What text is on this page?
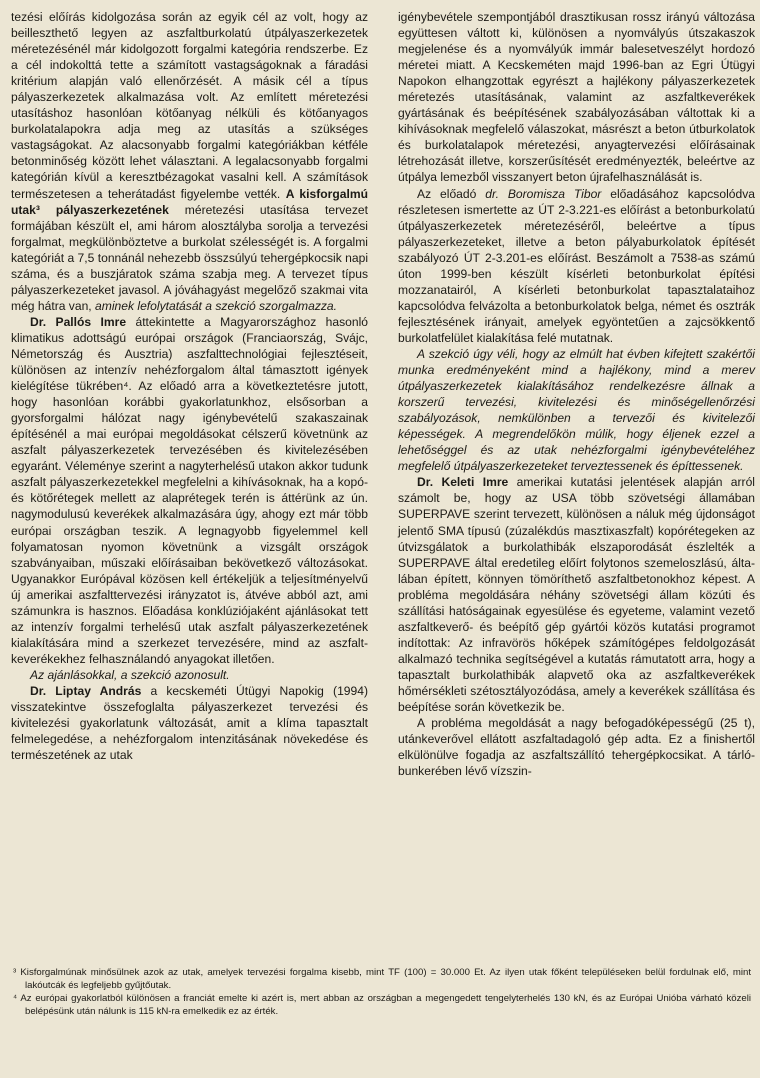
tezési előírás kidolgozása során az egyik cél az volt, hogy az beilleszthető legyen az aszfaltburkolatú útpályaszerkezetek méretezésénél már kidolgozott forgalmi kategória rendszerbe. Ez a cél indokolttá tette a számított vastagságoknak a fáradási kritérium alapján való ellenőrzését. A másik cél a típus pályaszerkezetek alkalmazása volt. Az említett méretezési utasításhoz hasonlóan kötőanyag nélküli és kötőanyagos burkolatalapokra adja meg az utasítás a szükséges vastagságokat. Az alacsonyabb forgalmi kategóriákban kétféle betonminőség között lehet választani. A legalacsonyabb forgalmi kategórián kívül a keresztbézagokat vasalni kell. A számítások természetesen a teherátadást figyelembe vették. A kisforgalmú utak³ pályaszerkezetének méretezési utasítása tervezet formájában készült el, ami három alosztályba sorolja a tervezési forgalmat, megkülönböztetve a burkolat szélességét is. A forgalmi kategóriát a 7,5 tonnánál nehezebb összsúlyú tehergépkocsik napi száma, és a buszjáratok száma szabja meg. A tervezet típus pályaszerkezeteket javasol. A jóváhagyást megelőző szakmai vita még hátra van, aminek lefolytatását a szekció szorgalmazza.

Dr. Pallós Imre áttekintette a Magyarországhoz hasonló klimatikus adottságú európai országok (Franciaország, Svájc, Németország és Ausztria) aszfalttechnológiai fejlesztéseit, különösen az intenzív nehézforgalom által támasztott igények kielégítése tükrében⁴. Az előadó arra a következtetésre jutott, hogy hasonlóan korábbi gyakorlatunkhoz, elsősorban a gyorsforgalmi hálózat nagy igénybevételű szakaszainak építésénél a mai európai megoldásokat célszerű követnünk az aszfalt pályaszerkezetek tervezésében és kivitelezésében egyaránt. Véleménye szerint a nagyterhelésű utakon akkor tudunk aszfalt pályaszerkezetekkel megfelelni a kihívásoknak, ha a kopó- és kötőrétegek mellett az alaprétegek terén is áttérünk az ún. nagymodulusú keverékek alkalmazására úgy, ahogy ezt már több európai országban teszik. A legnagyobb figyelemmel kell folyamatosan nyomon követnünk a vizsgált országok szabványaiban, műszaki előírásaiban bekövetkező változásokat. Ugyanakkor Európával közösen kell értékeljük a teljesítményelvű új amerikai aszfalttervezési irányzatot is, átvéve abból azt, ami számunkra is hasznos. Előadása konklúziójaként ajánlásokat tett az intenzív forgalmi terhelésű utak aszfalt pályaszerkezetének kialakítására mind a szerkezet tervezésére, mind az aszfalt-keverékekhez felhasználandó anyagokat illetően.

Az ajánlásokkal, a szekció azonosult.

Dr. Liptay András a kecskeméti Útügyi Napokig (1994) visszatekintve összefoglalta pályaszerkezet tervezési és kivitelezési gyakorlatunk változását, amit a klíma tapasztalt felmelegedése, a nehézforgalom intenzitásának növekedése és természetének az utak

igénybevétele szempontjából drasztikusan rossz irányú változása együttesen váltott ki, különösen a nyomvályús útszakaszok megjelenése és a nyomvályúk immár balesetveszélyt hordozó méretei miatt. A Kecskeméten majd 1996-ban az Egri Útügyi Napokon elhangzottak egyrészt a hajlékony pályaszerkezetek méretezés utasításának, valamint az aszfaltkeverékek gyártásának és beépítésének szabályozásában váltottak ki a kihívásoknak megfelelő válaszokat, másrészt a beton útburkolatok és burkolatalapok méretezési, anyagtervezési előírásainak létrehozását illetve, korszerűsítését eredményezték, beleértve az útpálya lemezből visszanyert beton újrafelhasználását is.

Az előadó dr. Boromisza Tibor előadásához kapcsolódva részletesen ismertette az ÚT 2-3.221-es előírást a betonburkolatú útpályaszerkezetek méretezéséről, beleértve a típus pályaszerkezeteket, illetve a beton pályaburkolatok építését szabályozó ÚT 2-3.201-es előírást. Beszámolt a 7538-as számú úton 1999-ben készült kísérleti betonburkolat építési mozzanatairól, A kísérleti betonburkolat tapasztalataihoz kapcsolódva felvázolta a betonburkolatok belga, német és osztrák fejlesztésének irányait, amelyek egyöntetűen a zajcsökkentő burkolatfelület kialakítása felé mutatnak.

A szekció úgy véli, hogy az elmúlt hat évben kifejtett szakértői munka eredményeként mind a hajlékony, mind a merev útpályaszerkezetek kialakításához rendelkezésre állnak a korszerű tervezési, kivitelezési és minőségellenőrzési szabályozások, nemkülönben a tervezői és kivitelezői képességek. A megrendelőkön múlik, hogy éljenek ezzel a lehetőséggel és az utak nehézforgalmi igénybevételéhez megfelelő útpályaszerkezeteket terveztessenek és építtessenek.

Dr. Keleti Imre amerikai kutatási jelentések alapján arról számolt be, hogy az USA több szövetségi államában SUPERPAVE szerint tervezett, különösen a náluk még újdonságot jelentő SMA típusú (zúzalékdús masztixaszfalt) kopórétegeken az útvizsgálatok a burkolathibák elszaporodását észlelték a SUPERPAVE által eredetileg előírt folytonos szemeloszlású, álta-lában épített, könnyen tömöríthető aszfaltbetonokhoz képest. A probléma megoldására néhány szövetségi állam közúti és szállítási hatóságainak egyesülése és egyeteme, valamint vezető aszfaltkeverő- és beépítő gép gyártói közös kutatási programot indítottak: Az infravörös hőképek számítógépes feldolgozását alkalmazó technika segítségével a kutatás rámutatott arra, hogy a tapasztalt burkolathibák alapvető oka az aszfaltkeverékek hőmérsékleti szétosztályozódása, amely a keverékek szállítása és beépítése során következik be.

A probléma megoldását a nagy befogadóképességű (25 t), utánkeverővel ellátott aszfaltadagoló gép adta. Ez a finishertől elkülönülve fogadja az aszfaltszállító tehergépkocsikat. A tárló-bunkerében lévő vízszin-

³ Kisforgalmúnak minősülnek azok az utak, amelyek tervezési forgalma kisebb, mint TF (100) = 30.000 Et. Az ilyen utak főként településeken belül fordulnak elő, mint lakóutcák és legfeljebb gyűjtőutak.

⁴ Az európai gyakorlatból különösen a franciát emelte ki azért is, mert abban az országban a megengedett tengelyterhelés 130 kN, és az Európai Unióba várható közeli belépésünk után nálunk is 115 kN-ra emelkedik ez az érték.
